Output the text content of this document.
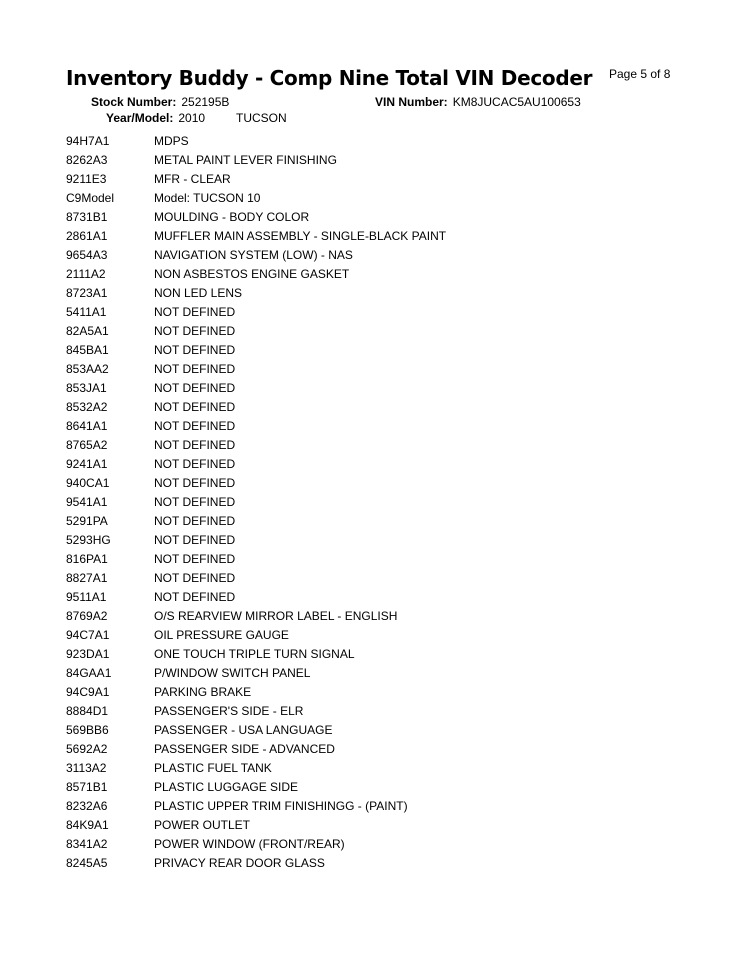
Inventory Buddy - Comp Nine Total VIN Decoder Page 5 of 8
Stock Number: 252195B	VIN Number: KM8JUCAC5AU100653
Year/Model: 2010	TUCSON
94H7A1	MDPS
8262A3	METAL PAINT LEVER FINISHING
9211E3	MFR - CLEAR
C9Model	Model: TUCSON 10
8731B1	MOULDING - BODY COLOR
2861A1	MUFFLER MAIN ASSEMBLY - SINGLE-BLACK PAINT
9654A3	NAVIGATION SYSTEM (LOW) - NAS
2111A2	NON ASBESTOS ENGINE GASKET
8723A1	NON LED LENS
5411A1	NOT DEFINED
82A5A1	NOT DEFINED
845BA1	NOT DEFINED
853AA2	NOT DEFINED
853JA1	NOT DEFINED
8532A2	NOT DEFINED
8641A1	NOT DEFINED
8765A2	NOT DEFINED
9241A1	NOT DEFINED
940CA1	NOT DEFINED
9541A1	NOT DEFINED
5291PA	NOT DEFINED
5293HG	NOT DEFINED
816PA1	NOT DEFINED
8827A1	NOT DEFINED
9511A1	NOT DEFINED
8769A2	O/S REARVIEW MIRROR LABEL - ENGLISH
94C7A1	OIL PRESSURE GAUGE
923DA1	ONE TOUCH TRIPLE TURN SIGNAL
84GAA1	P/WINDOW SWITCH PANEL
94C9A1	PARKING BRAKE
8884D1	PASSENGER'S SIDE - ELR
569BB6	PASSENGER - USA LANGUAGE
5692A2	PASSENGER SIDE - ADVANCED
3113A2	PLASTIC FUEL TANK
8571B1	PLASTIC LUGGAGE SIDE
8232A6	PLASTIC UPPER TRIM FINISHINGG - (PAINT)
84K9A1	POWER OUTLET
8341A2	POWER WINDOW (FRONT/REAR)
8245A5	PRIVACY REAR DOOR GLASS
